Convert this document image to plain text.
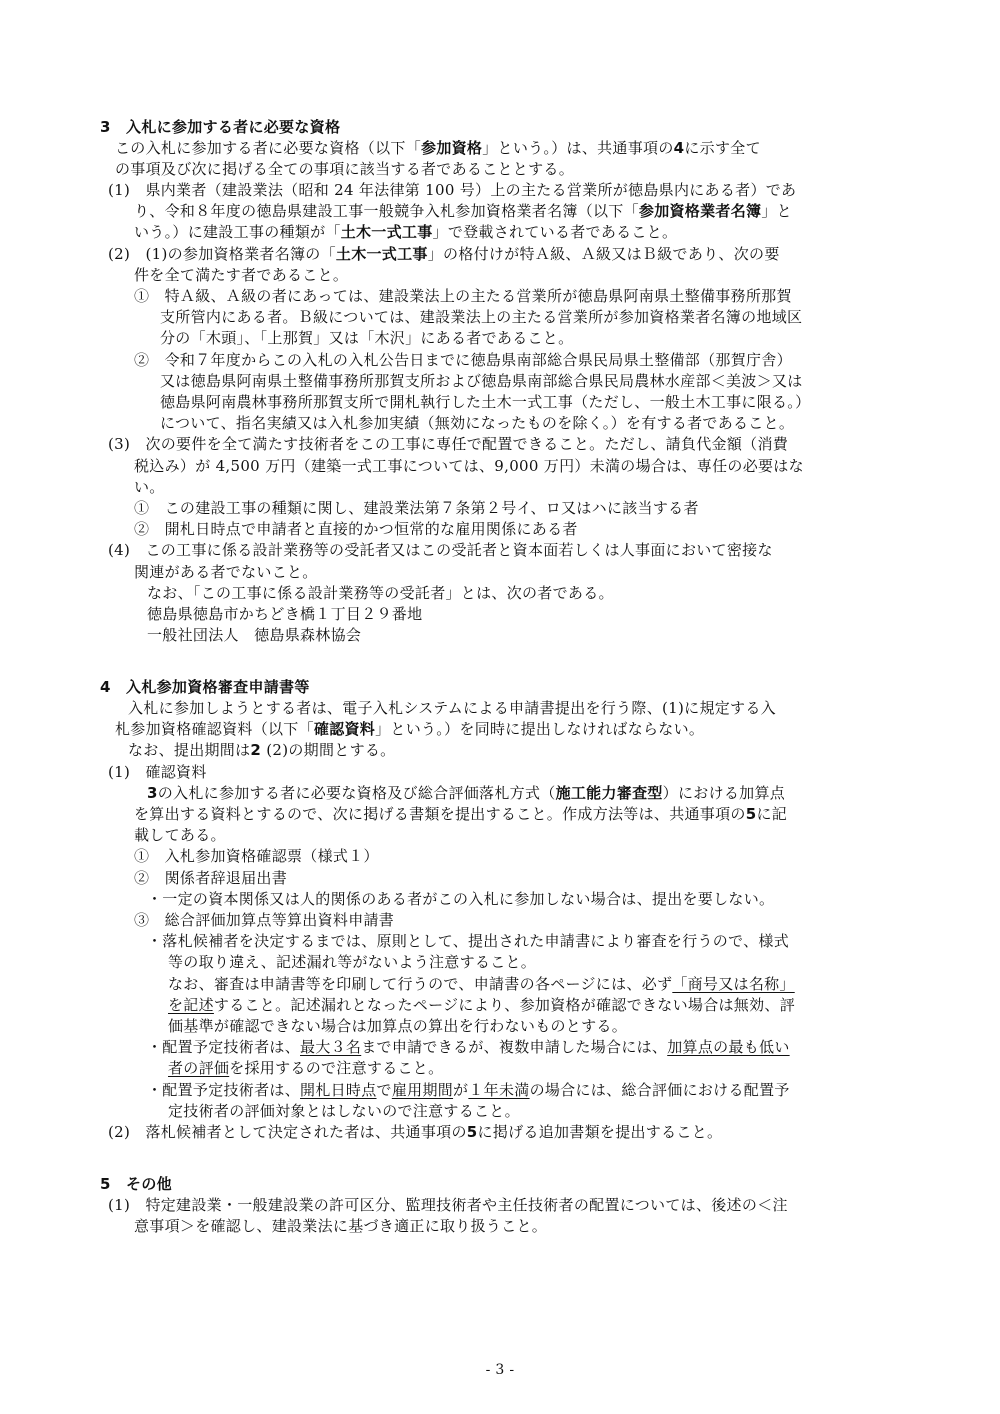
3　入札に参加する者に必要な資格
この入札に参加する者に必要な資格（以下「参加資格」という。）は、共通事項の4に示す全て
の事項及び次に掲げる全ての事項に該当する者であることとする。
(1)　県内業者（建設業法（昭和 24 年法律第 100 号）上の主たる営業所が徳島県内にある者）であ
り、令和８年度の徳島県建設工事一般競争入札参加資格業者名簿（以下「参加資格業者名簿」と
いう。）に建設工事の種類が「土木一式工事」で登載されている者であること。
(2)　(1)の参加資格業者名簿の「土木一式工事」の格付けが特Ａ級、Ａ級又はＢ級であり、次の要
件を全て満たす者であること。
①　特Ａ級、Ａ級の者にあっては、建設業法上の主たる営業所が徳島県阿南県土整備事務所那賀
支所管内にある者。Ｂ級については、建設業法上の主たる営業所が参加資格業者名簿の地域区
分の「木頭」、「上那賀」又は「木沢」にある者であること。
②　令和７年度からこの入札の入札公告日までに徳島県南部総合県民局県土整備部（那賀庁舎）
又は徳島県阿南県土整備事務所那賀支所および徳島県南部総合県民局農林水産部＜美波＞又は
徳島県阿南農林事務所那賀支所で開札執行した土木一式工事（ただし、一般土木工事に限る。）
について、指名実績又は入札参加実績（無効になったものを除く。）を有する者であること。
(3)　次の要件を全て満たす技術者をこの工事に専任で配置できること。ただし、請負代金額（消費
税込み）が 4,500 万円（建築一式工事については、9,000 万円）未満の場合は、専任の必要はな
い。
①　この建設工事の種類に関し、建設業法第７条第２号イ、ロ又はハに該当する者
②　開札日時点で申請者と直接的かつ恒常的な雇用関係にある者
(4)　この工事に係る設計業務等の受託者又はこの受託者と資本面若しくは人事面において密接な
関連がある者でないこと。
なお、「この工事に係る設計業務等の受託者」とは、次の者である。
徳島県徳島市かちどき橋１丁目２９番地
一般社団法人　徳島県森林協会
4　入札参加資格審査申請書等
入札に参加しようとする者は、電子入札システムによる申請書提出を行う際、(1)に規定する入
札参加資格確認資料（以下「確認資料」という。）を同時に提出しなければならない。
なお、提出期間は2 (2)の期間とする。
(1)　確認資料
3の入札に参加する者に必要な資格及び総合評価落札方式（施工能力審査型）における加算点
を算出する資料とするので、次に掲げる書類を提出すること。作成方法等は、共通事項の5に記
載してある。
①　入札参加資格確認票（様式１）
②　関係者辞退届出書
・一定の資本関係又は人的関係のある者がこの入札に参加しない場合は、提出を要しない。
③　総合評価加算点等算出資料申請書
・落札候補者を決定するまでは、原則として、提出された申請書により審査を行うので、様式
等の取り違え、記述漏れ等がないよう注意すること。
なお、審査は申請書等を印刷して行うので、申請書の各ページには、必ず「商号又は名称」
を記述すること。記述漏れとなったページにより、参加資格が確認できない場合は無効、評
価基準が確認できない場合は加算点の算出を行わないものとする。
・配置予定技術者は、最大３名まで申請できるが、複数申請した場合には、加算点の最も低い
者の評価を採用するので注意すること。
・配置予定技術者は、開札日時点で雇用期間が１年未満の場合には、総合評価における配置予
定技術者の評価対象とはしないので注意すること。
(2)　落札候補者として決定された者は、共通事項の5に掲げる追加書類を提出すること。
5　その他
(1)　特定建設業・一般建設業の許可区分、監理技術者や主任技術者の配置については、後述の＜注
意事項＞を確認し、建設業法に基づき適正に取り扱うこと。
- 3 -
